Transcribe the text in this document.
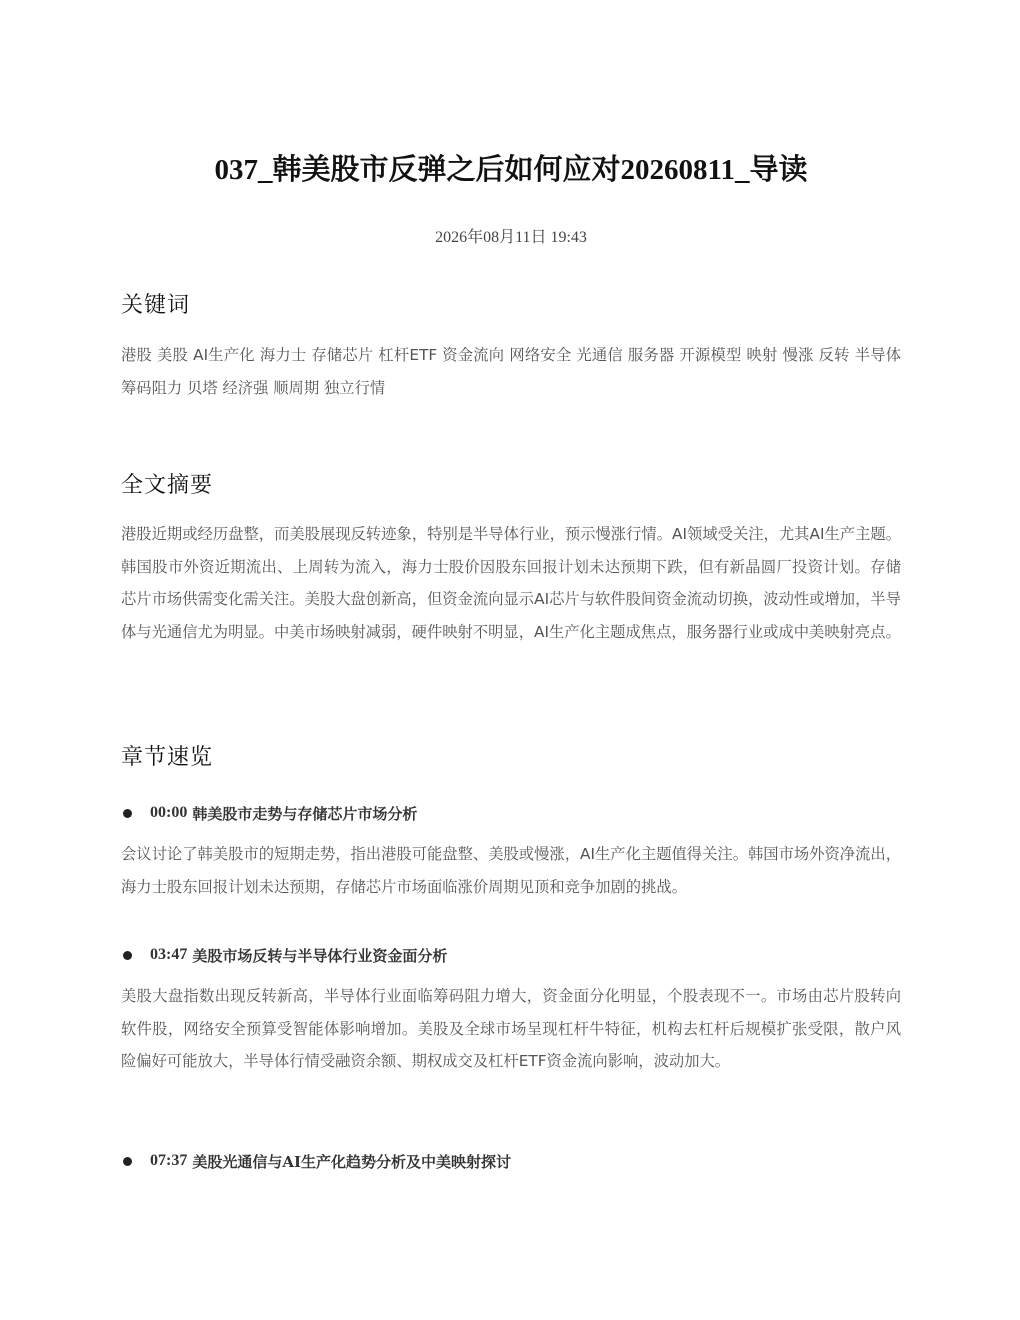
037_韩美股市反弹之后如何应对20260811_导读
2026年08月11日 19:43
关键词

港股 美股 AI生产化 海力士 存储芯片 杠杆ETF 资金流向 网络安全 光通信 服务器 开源模型 映射 慢涨 反转 半导体 筹码阻力 贝塔 经济强 顺周期 独立行情

全文摘要

港股近期或经历盘整，而美股展现反转迹象，特别是半导体行业，预示慢涨行情。AI领域受关注，尤其AI生产主题。韩国股市外资近期流出、上周转为流入，海力士股价因股东回报计划未达预期下跌，但有新晶圆厂投资计划。存储芯片市场供需变化需关注。美股大盘创新高，但资金流向显示AI芯片与软件股间资金流动切换，波动性或增加，半导体与光通信尤为明显。中美市场映射减弱，硬件映射不明显，AI生产化主题成焦点，服务器行业或成中美映射亮点。

章节速览
00:00 韩美股市走势与存储芯片市场分析

会议讨论了韩美股市的短期走势，指出港股可能盘整、美股或慢涨，AI生产化主题值得关注。韩国市场外资净流出，海力士股东回报计划未达预期，存储芯片市场面临涨价周期见顶和竞争加剧的挑战。

03:47 美股市场反转与半导体行业资金面分析

美股大盘指数出现反转新高，半导体行业面临筹码阻力增大，资金面分化明显，个股表现不一。市场由芯片股转向软件股，网络安全预算受智能体影响增加。美股及全球市场呈现杠杆牛特征，机构去杠杆后规模扩张受限，散户风险偏好可能放大，半导体行情受融资余额、期权成交及杠杆ETF资金流向影响，波动加大。

07:37 美股光通信与AI生产化趋势分析及中美映射探讨
